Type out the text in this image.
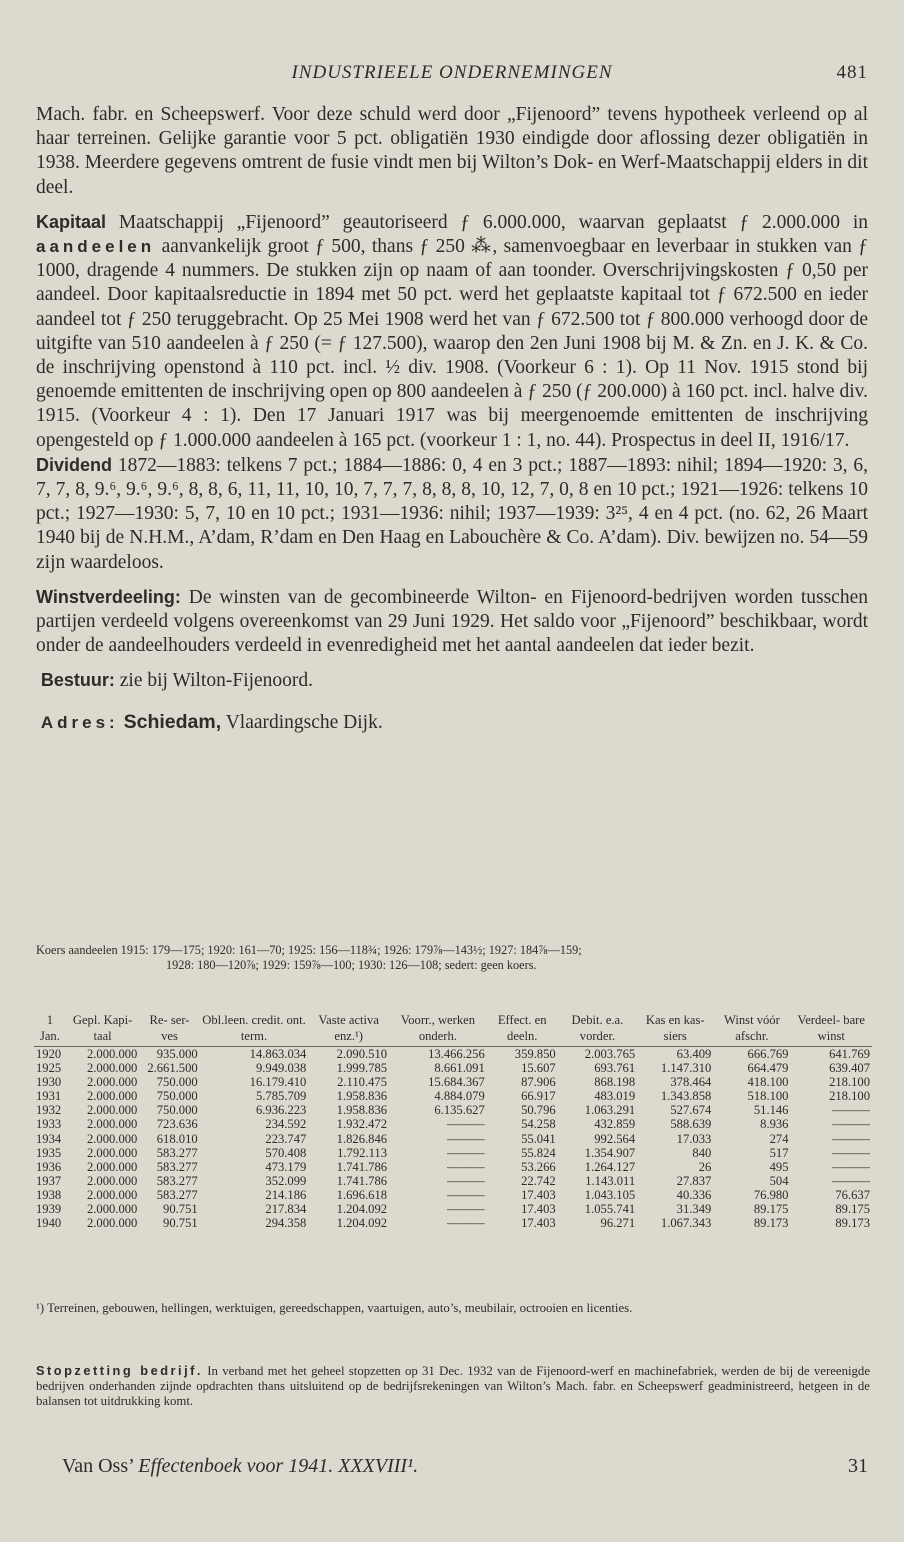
INDUSTRIEELE ONDERNEMINGEN	481

Mach. fabr. en Scheepswerf. Voor deze schuld werd door „Fijenoord” tevens hypotheek verleend op al haar terreinen. Gelijke garantie voor 5 pct. obligatiën 1930 eindigde door aflossing dezer obligatiën in 1938. Meerdere gegevens omtrent de fusie vindt men bij Wilton’s Dok- en Werf-Maatschappij elders in dit deel.

Kapitaal Maatschappij „Fijenoord” geautoriseerd ƒ 6.000.000, waarvan geplaatst ƒ 2.000.000 in aandeelen aanvankelijk groot ƒ 500, thans ƒ 250 ⁂, samenvoegbaar en leverbaar in stukken van ƒ 1000, dragende 4 nummers. De stukken zijn op naam of aan toonder. Overschrijvingskosten ƒ 0,50 per aandeel. Door kapitaalsreductie in 1894 met 50 pct. werd het geplaatste kapitaal tot ƒ 672.500 en ieder aandeel tot ƒ 250 teruggebracht. Op 25 Mei 1908 werd het van ƒ 672.500 tot ƒ 800.000 verhoogd door de uitgifte van 510 aandeelen à ƒ 250 (= ƒ 127.500), waarop den 2en Juni 1908 bij M. & Zn. en J. K. & Co. de inschrijving openstond à 110 pct. incl. ½ div. 1908. (Voorkeur 6 : 1). Op 11 Nov. 1915 stond bij genoemde emittenten de inschrijving open op 800 aandeelen à ƒ 250 (ƒ 200.000) à 160 pct. incl. halve div. 1915. (Voorkeur 4 : 1). Den 17 Januari 1917 was bij meergenoemde emittenten de inschrijving opengesteld op ƒ 1.000.000 aandeelen à 165 pct. (voorkeur 1 : 1, no. 44). Prospectus in deel II, 1916/17.

Dividend 1872—1883: telkens 7 pct.; 1884—1886: 0, 4 en 3 pct.; 1887—1893: nihil; 1894—1920: 3, 6, 7, 7, 8, 9.⁶, 9.⁶, 9.⁶, 8, 8, 6, 11, 11, 10, 10, 7, 7, 7, 8, 8, 8, 10, 12, 7, 0, 8 en 10 pct.; 1921—1926: telkens 10 pct.; 1927—1930: 5, 7, 10 en 10 pct.; 1931—1936: nihil; 1937—1939: 3²⁵, 4 en 4 pct. (no. 62, 26 Maart 1940 bij de N.H.M., A’dam, R’dam en Den Haag en Labouchère & Co. A’dam). Div. bewijzen no. 54—59 zijn waardeloos.

Winstverdeeling: De winsten van de gecombineerde Wilton- en Fijenoord-bedrijven worden tusschen partijen verdeeld volgens overeenkomst van 29 Juni 1929. Het saldo voor „Fijenoord” beschikbaar, wordt onder de aandeelhouders verdeeld in evenredigheid met het aantal aandeelen dat ieder bezit.

Bestuur: zie bij Wilton-Fijenoord.

Adres: Schiedam, Vlaardingsche Dijk.

Koers aandeelen 1915: 179—175; 1920: 161—70; 1925: 156—118¾; 1926: 179⅞—143½; 1927: 184⅞—159;
1928: 180—120⅞; 1929: 159⅞—100; 1930: 126—108; sedert: geen koers.
1 Jan.	Gepl. Kapi- taal	Re- ser- ves	Obl.leen. credit. ont. term.	Vaste activa enz.¹)	Voorr., werken onderh.	Effect. en deeln.	Debit. e.a. vorder.	Kas en kas- siers	Winst vóór afschr.	Verdeel- bare winst
1920	2.000.000	935.000	14.863.034	2.090.510	13.466.256	359.850	2.003.765	63.409	666.769	641.769
1925	2.000.000	2.661.500	9.949.038	1.999.785	8.661.091	15.607	693.761	1.147.310	664.479	639.407
1930	2.000.000	750.000	16.179.410	2.110.475	15.684.367	87.906	868.198	378.464	418.100	218.100
1931	2.000.000	750.000	5.785.709	1.958.836	4.884.079	66.917	483.019	1.343.858	518.100	218.100
1932	2.000.000	750.000	6.936.223	1.958.836	6.135.627	50.796	1.063.291	527.674	51.146	———
1933	2.000.000	723.636	234.592	1.932.472	———	54.258	432.859	588.639	8.936	———
1934	2.000.000	618.010	223.747	1.826.846	———	55.041	992.564	17.033	274	———
1935	2.000.000	583.277	570.408	1.792.113	———	55.824	1.354.907	840	517	———
1936	2.000.000	583.277	473.179	1.741.786	———	53.266	1.264.127	26	495	———
1937	2.000.000	583.277	352.099	1.741.786	———	22.742	1.143.011	27.837	504	———
1938	2.000.000	583.277	214.186	1.696.618	———	17.403	1.043.105	40.336	76.980	76.637
1939	2.000.000	90.751	217.834	1.204.092	———	17.403	1.055.741	31.349	89.175	89.175
1940	2.000.000	90.751	294.358	1.204.092	———	17.403	96.271	1.067.343	89.173	89.173
¹) Terreinen, gebouwen, hellingen, werktuigen, gereedschappen, vaartuigen, auto’s, meubilair, octrooien en licenties.
Stopzetting bedrijf. In verband met het geheel stopzetten op 31 Dec. 1932 van de Fijenoord-werf en machinefabriek, werden de bij de vereenigde bedrijven onderhanden zijnde opdrachten thans uitsluitend op de bedrijfsrekeningen van Wilton’s Mach. fabr. en Scheepswerf geadministreerd, hetgeen in de balansen tot uitdrukking komt.
Van Oss’ Effectenboek voor 1941. XXXVIII¹.	31
